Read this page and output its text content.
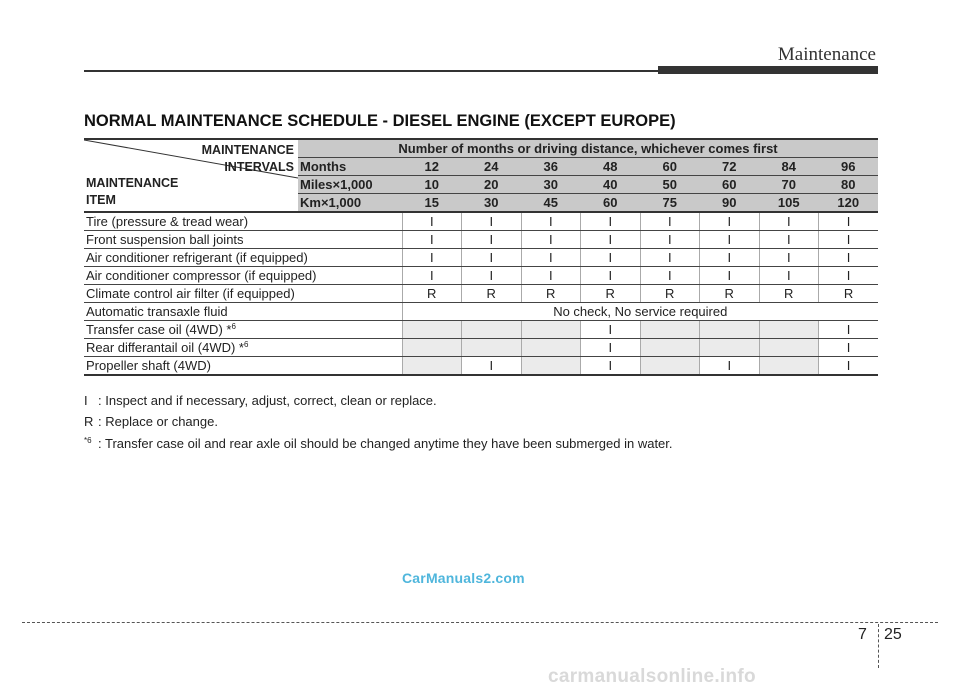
Maintenance
NORMAL MAINTENANCE SCHEDULE - DIESEL ENGINE (EXCEPT EUROPE)
MAINTENANCE
INTERVALS
MAINTENANCE
ITEM	Number of months or driving distance, whichever comes first								
	Months	12	24	36	48	60	72	84	96
	Miles×1,000	10	20	30	40	50	60	70	80
	Km×1,000	15	30	45	60	75	90	105	120
Tire (pressure & tread wear)		I	I	I	I	I	I	I	I
Front suspension ball joints		I	I	I	I	I	I	I	I
Air conditioner refrigerant (if equipped)		I	I	I	I	I	I	I	I
Air conditioner compressor (if equipped)		I	I	I	I	I	I	I	I
Climate control air filter (if equipped)		R	R	R	R	R	R	R	R
Automatic transaxle fluid		No check, No service required							
Transfer case oil (4WD) *$^6$					I				I
Rear differantail oil (4WD) *$^6$					I				I
Propeller shaft (4WD)			I		I		I		I
I : Inspect and if necessary, adjust, correct, clean or replace.
R : Replace or change.
*6 : Transfer case oil and rear axle oil should be changed anytime they have been submerged in water.
CarManuals2.com
7 25
carmanualsonline.info
